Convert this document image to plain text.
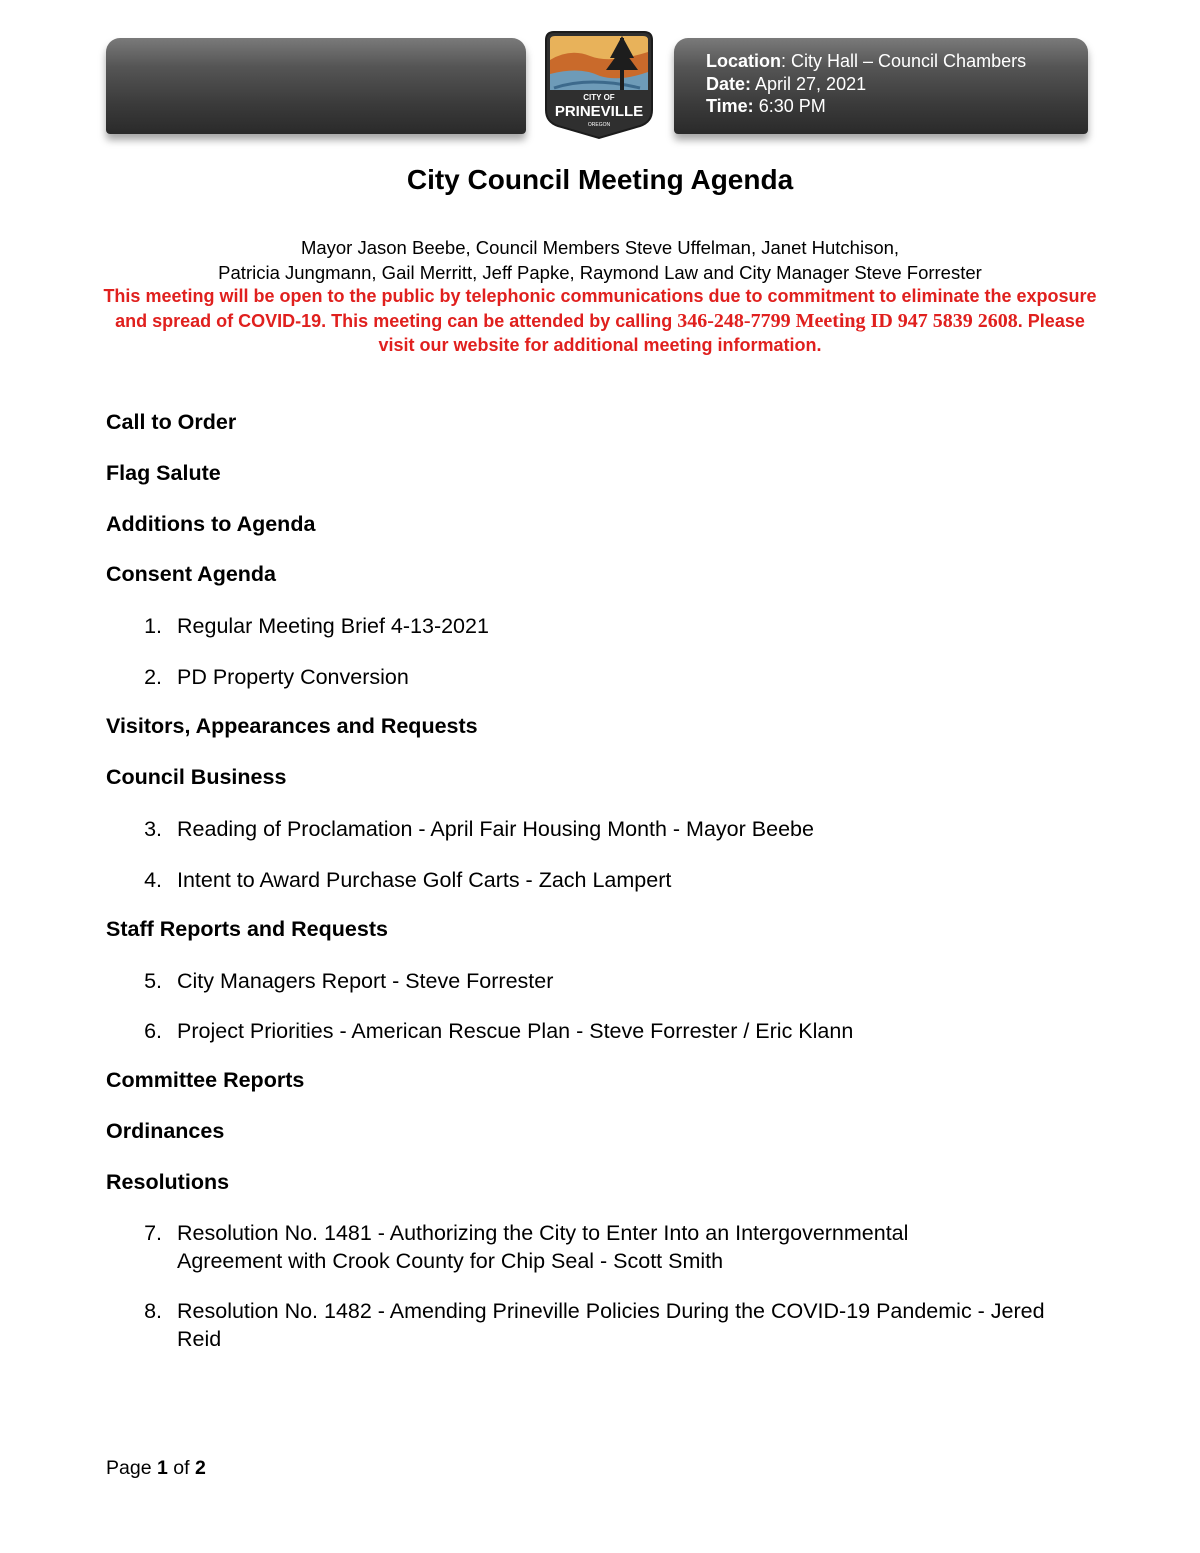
Location: City Hall – Council Chambers
Date: April 27, 2021
Time: 6:30 PM
CITY OF
PRINEVILLE
OREGON
City Council Meeting Agenda
Mayor Jason Beebe, Council Members Steve Uffelman, Janet Hutchison,
Patricia Jungmann, Gail Merritt, Jeff Papke, Raymond Law and City Manager Steve Forrester
This meeting will be open to the public by telephonic communications due to commitment to eliminate the exposure and spread of COVID-19. This meeting can be attended by calling 346-248-7799 Meeting ID 947 5839 2608. Please visit our website for additional meeting information.
Call to Order
Flag Salute
Additions to Agenda
Consent Agenda
1. Regular Meeting Brief 4-13-2021
2. PD Property Conversion
Visitors, Appearances and Requests
Council Business
3. Reading of Proclamation - April Fair Housing Month - Mayor Beebe
4. Intent to Award Purchase Golf Carts - Zach Lampert
Staff Reports and Requests
5. City Managers Report - Steve Forrester
6. Project Priorities - American Rescue Plan - Steve Forrester / Eric Klann
Committee Reports
Ordinances
Resolutions
7. Resolution No. 1481 - Authorizing the City to Enter Into an Intergovernmental Agreement with Crook County for Chip Seal - Scott Smith
8. Resolution No. 1482 - Amending Prineville Policies During the COVID-19 Pandemic - Jered Reid
Page 1 of 2
